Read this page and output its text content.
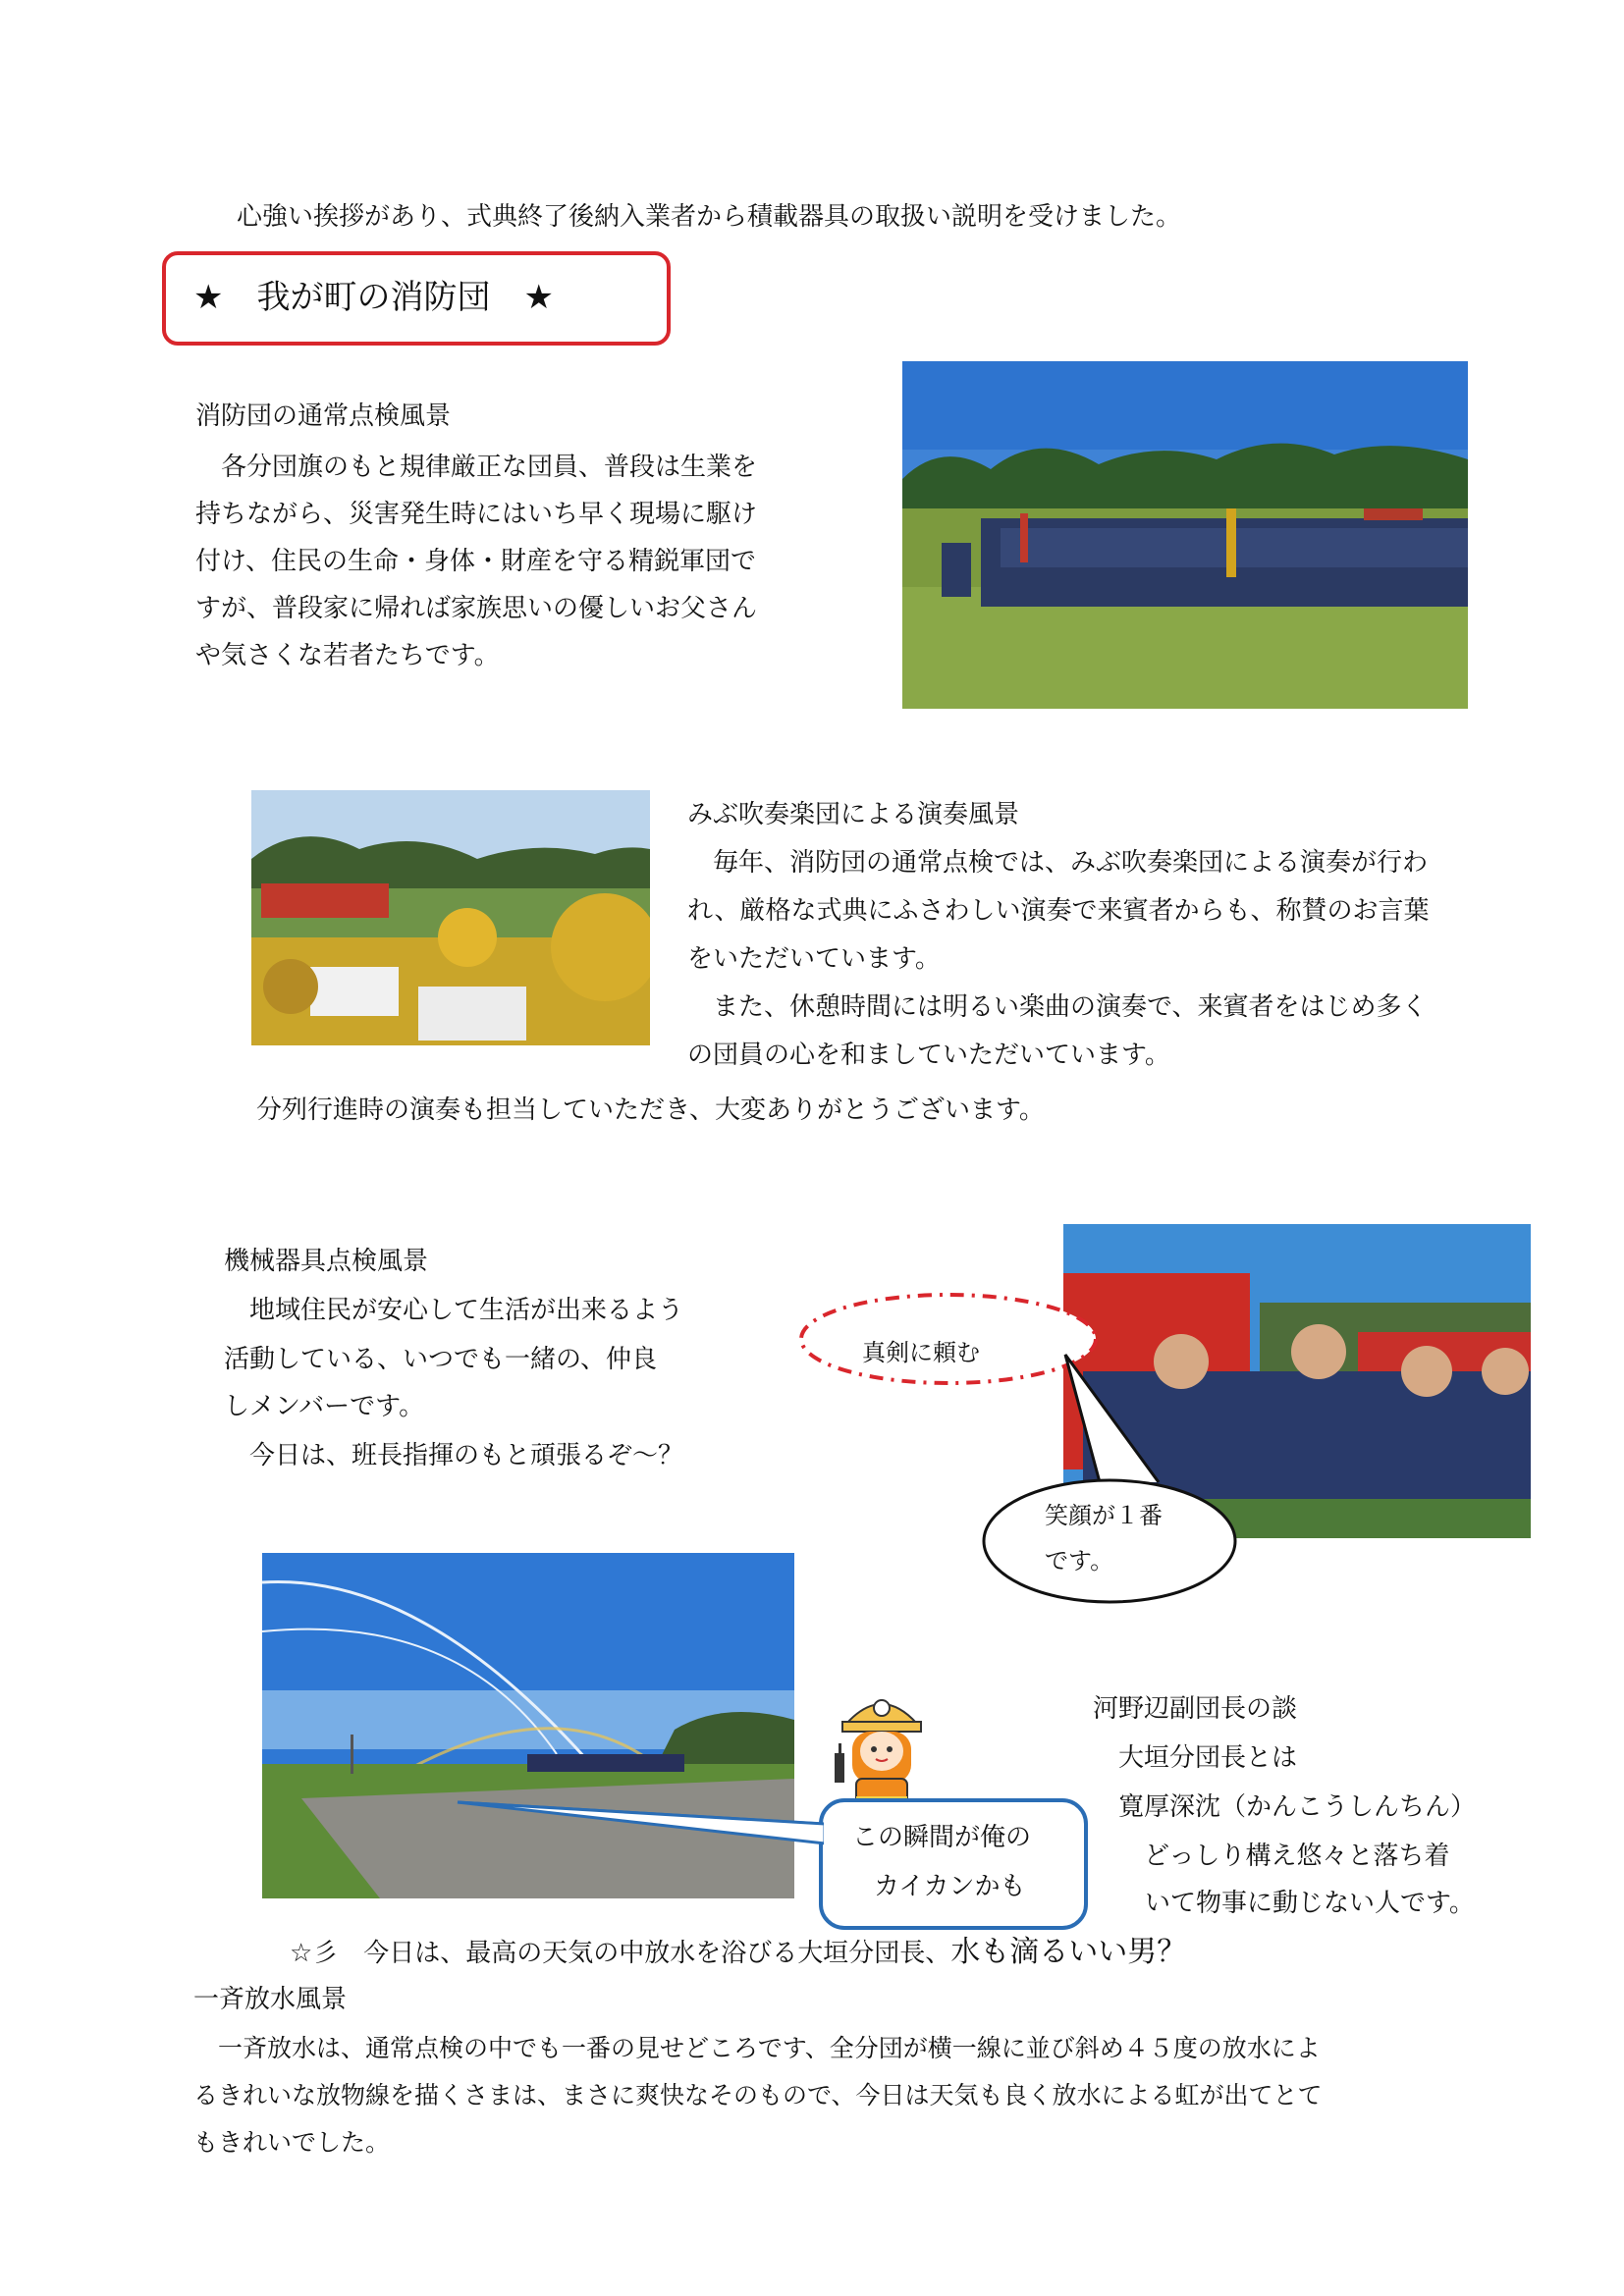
心強い挨拶があり、式典終了後納入業者から積載器具の取扱い説明を受けました。

★　我が町の消防団　★

消防団の通常点検風景

　各分団旗のもと規律厳正な団員、普段は生業を

持ちながら、災害発生時にはいち早く現場に駆け

付け、住民の生命・身体・財産を守る精鋭軍団で

すが、普段家に帰れば家族思いの優しいお父さん

や気さくな若者たちです。

みぶ吹奏楽団による演奏風景

　毎年、消防団の通常点検では、みぶ吹奏楽団による演奏が行わ

れ、厳格な式典にふさわしい演奏で来賓者からも、称賛のお言葉

をいただいています。

　また、休憩時間には明るい楽曲の演奏で、来賓者をはじめ多く

の団員の心を和ましていただいています。

分列行進時の演奏も担当していただき、大変ありがとうございます。

機械器具点検風景

　地域住民が安心して生活が出来るよう

活動している、いつでも一緒の、仲良

しメンバーです。

　今日は、班長指揮のもと頑張るぞ～？

真剣に頼む
笑顔が１番
です。
この瞬間が俺の
カイカンかも

河野辺副団長の談

　大垣分団長とは

　寛厚深沈（かんこうしんちん）

　　どっしり構え悠々と落ち着

　いて物事に動じない人です。

☆彡　今日は、最高の天気の中放水を浴びる大垣分団長、水も滴るいい男？

一斉放水風景

　一斉放水は、通常点検の中でも一番の見せどころです、全分団が横一線に並び斜め４５度の放水によ

るきれいな放物線を描くさまは、まさに爽快なそのもので、今日は天気も良く放水による虹が出てとて

もきれいでした。
